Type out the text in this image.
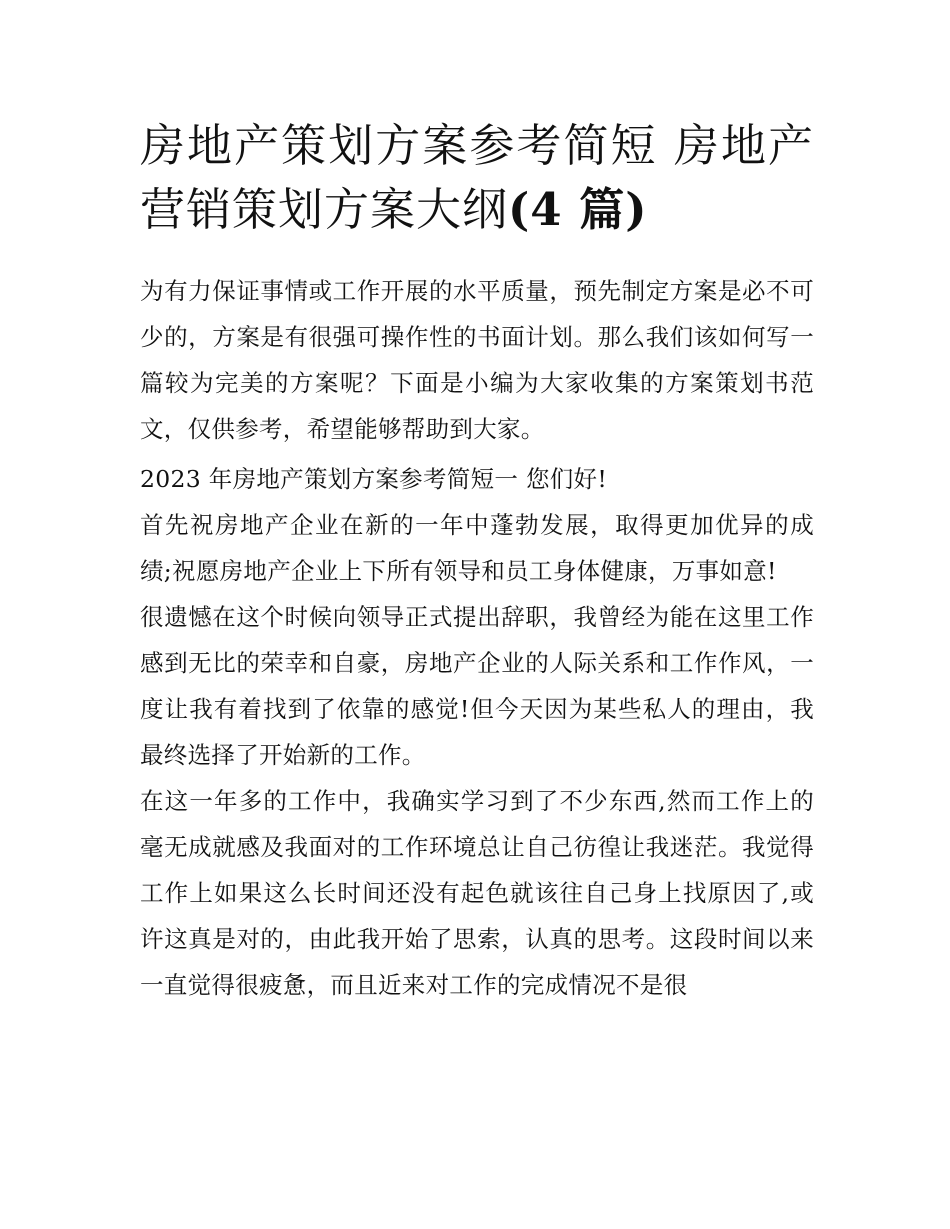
房地产策划方案参考简短 房地产营销策划方案大纲(4 篇)

为有力保证事情或工作开展的水平质量，预先制定方案是必不可少的，方案是有很强可操作性的书面计划。那么我们该如何写一篇较为完美的方案呢？下面是小编为大家收集的方案策划书范文，仅供参考，希望能够帮助到大家。

2023 年房地产策划方案参考简短一 您们好!

首先祝房地产企业在新的一年中蓬勃发展，取得更加优异的成绩;祝愿房地产企业上下所有领导和员工身体健康，万事如意!

很遗憾在这个时候向领导正式提出辞职，我曾经为能在这里工作感到无比的荣幸和自豪，房地产企业的人际关系和工作作风，一度让我有着找到了依靠的感觉!但今天因为某些私人的理由，我最终选择了开始新的工作。

在这一年多的工作中，我确实学习到了不少东西,然而工作上的毫无成就感及我面对的工作环境总让自己彷徨让我迷茫。我觉得工作上如果这么长时间还没有起色就该往自己身上找原因了,或许这真是对的，由此我开始了思索，认真的思考。这段时间以来一直觉得很疲惫，而且近来对工作的完成情况不是很
